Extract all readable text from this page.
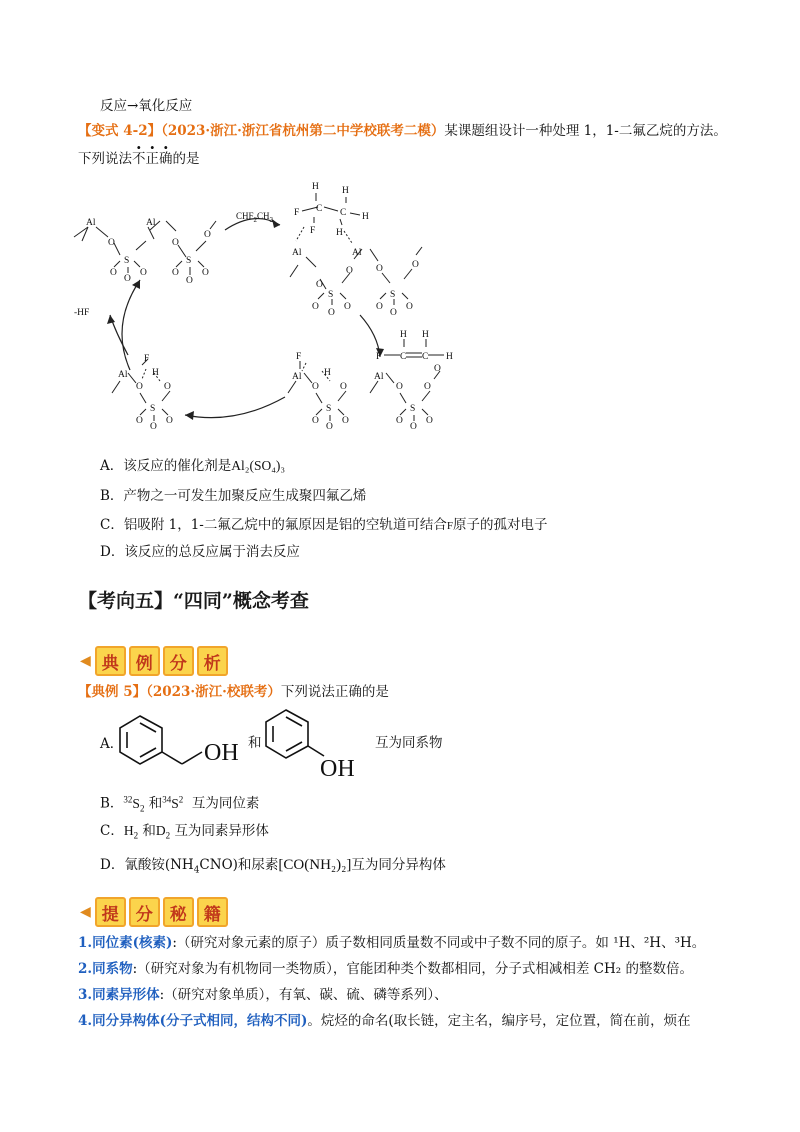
反应→氧化反应
【变式 4-2】（2023·浙江·浙江省杭州第二中学校联考二模）某课题组设计一种处理 1，1-二氟乙烷的方法。
下列说法不正确的是
Al	Al
O
S
O
O
O
O
S
O
O
O
O
$CHF_2CH_3$
H H
F C C H
F H
Al	Al
O
S
O
O
O
O O
S
O
O
O
O
-HF
H H
F C C H
F
Al	H
O O
S
O
O
O
F
Al H
O O
S
O
O
O
Al
O O
S
O
O
O
O
A．该反应的催化剂是Al₂(SO₄)₃
B．产物之一可发生加聚反应生成聚四氟乙烯
C．铝吸附 1，1-二氟乙烷中的氟原因是铝的空轨道可结合F原子的孤对电子
D．该反应的总反应属于消去反应
【考向五】“四同”概念考查
◀ 典	例	分	析
【典例 5】（2023·浙江·校联考）下列说法正确的是
A．	OH 和
OH
互为同系物
B．$^{32}S_2$ 和$^{34}S^2$ 互为同位素
C．$H_2$ 和$D_2$ 互为同素异形体
D．氰酸铵$(NH_4CNO)$和尿素[CO(NH₂)₂]互为同分异构体
◀ 提	分	秘	籍
1.同位素(核素):（研究对象元素的原子）质子数相同质量数不同或中子数不同的原子。如 ¹H、²H、³H。
2.同系物:（研究对象为有机物同一类物质），官能团种类个数都相同，分子式相减相差 CH₂ 的整数倍。
3.同素异形体:（研究对象单质），有氧、碳、硫、磷等系列）、
4.同分异构体(分子式相同，结构不同)。烷烃的命名(取长链，定主名，编序号，定位置，简在前，烦在
